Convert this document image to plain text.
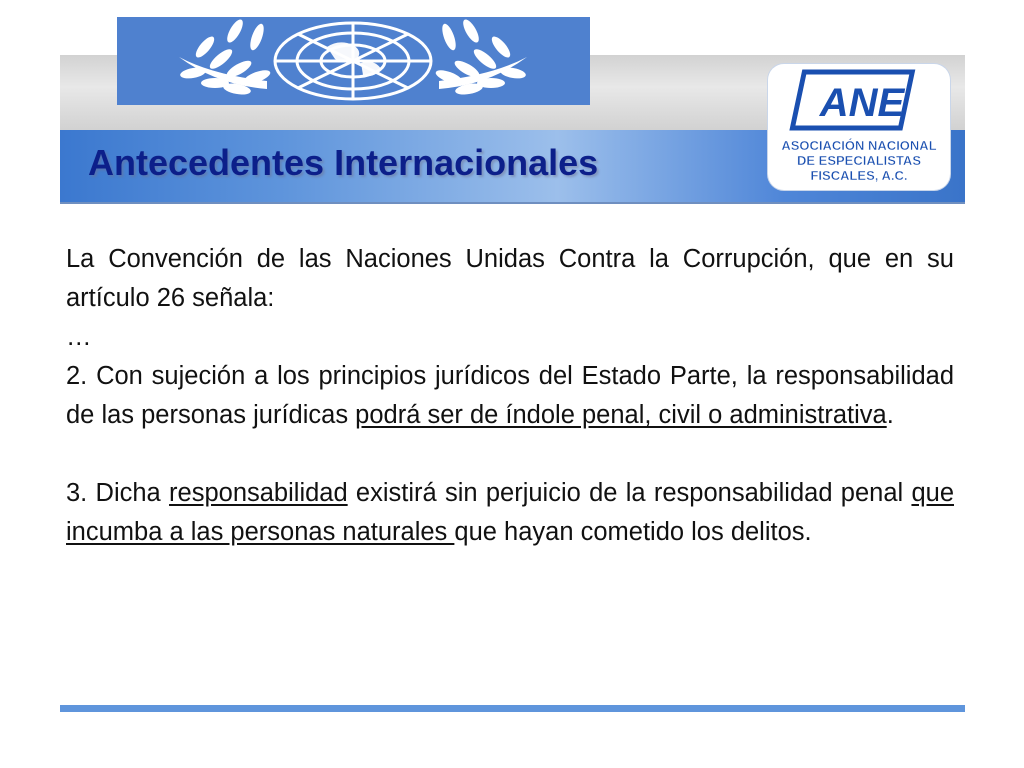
Antecedentes Internacionales
ANE
ASOCIACIÓN NACIONAL
DE ESPECIALISTAS
FISCALES, A.C.

La Convención de las Naciones Unidas Contra la Corrupción, que en su artículo 26 señala:

…

2. Con sujeción a los principios jurídicos del Estado Parte, la responsabilidad de las personas jurídicas podrá ser de índole penal, civil o administrativa.

3. Dicha responsabilidad existirá sin perjuicio de la responsabilidad penal que incumba a las personas naturales que hayan cometido los delitos.
